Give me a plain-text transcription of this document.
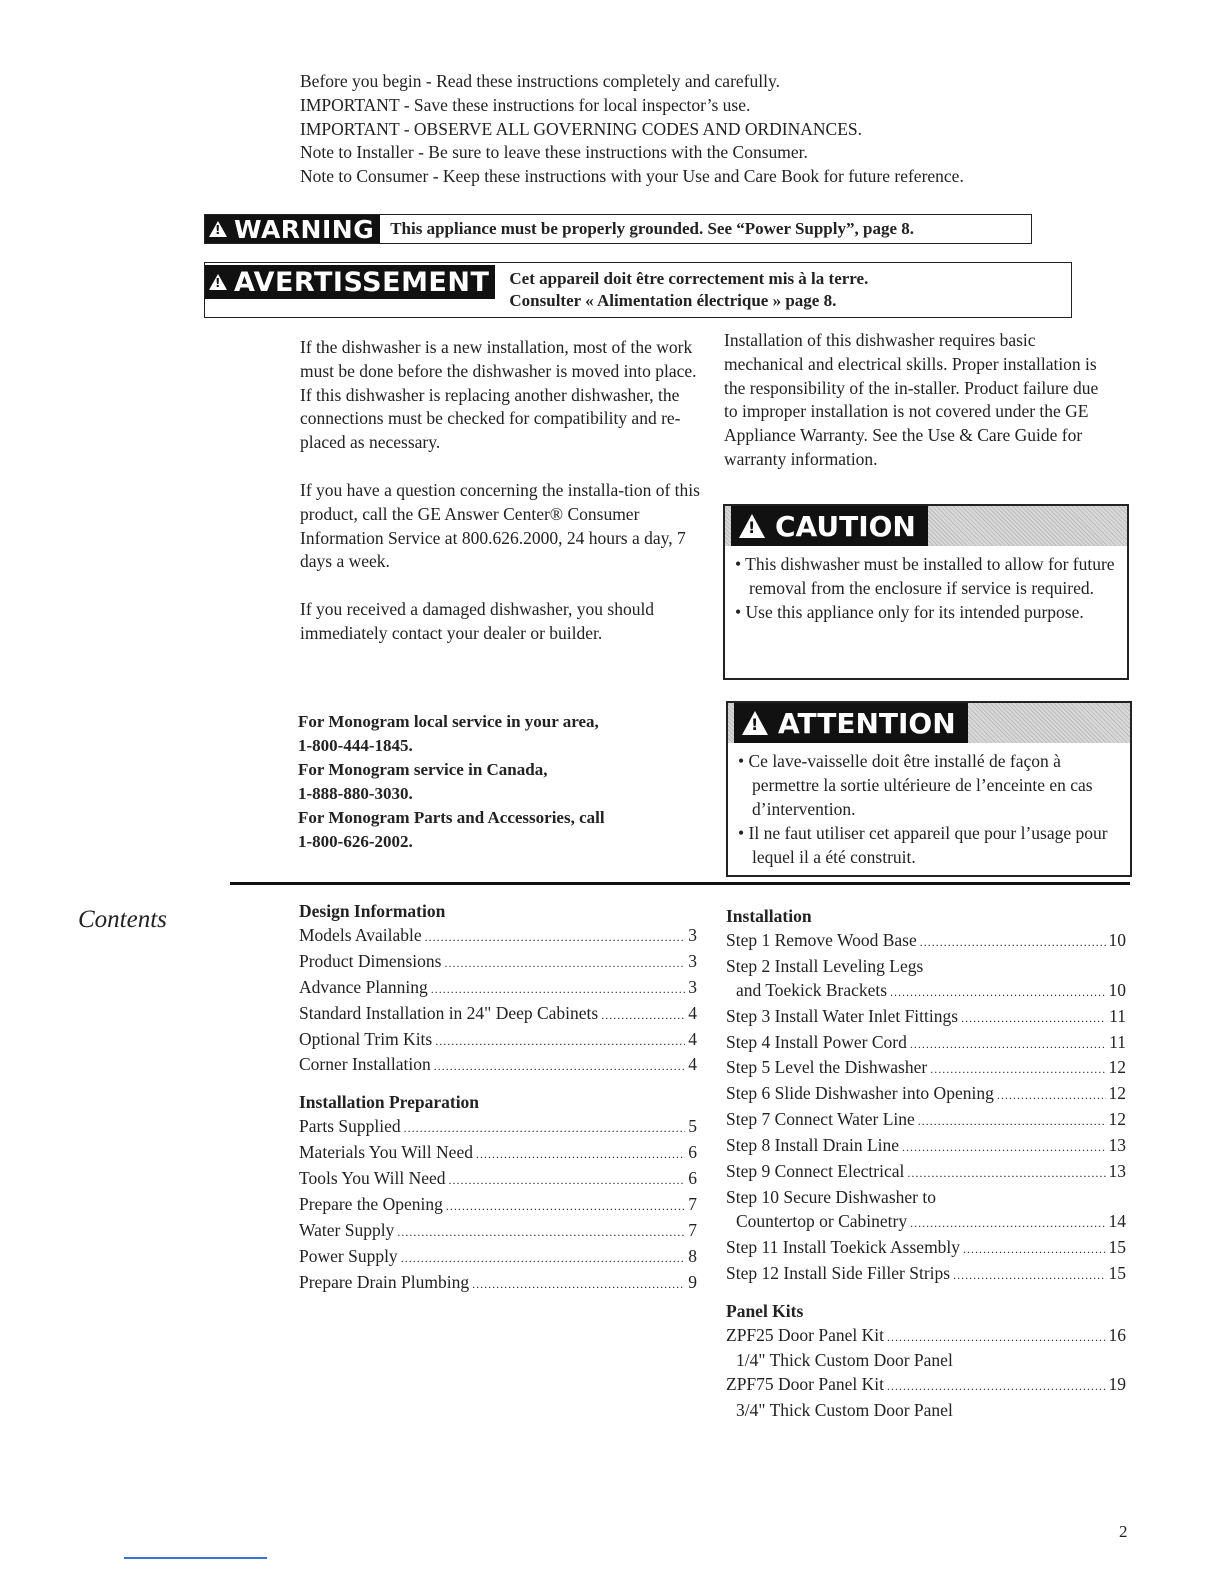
Before you begin - Read these instructions completely and carefully.

IMPORTANT - Save these instructions for local inspector’s use.

IMPORTANT - OBSERVE ALL GOVERNING CODES AND ORDINANCES.

Note to Installer - Be sure to leave these instructions with the Consumer.

Note to Consumer - Keep these instructions with your Use and Care Book for future reference.

!
WARNING This appliance must be properly grounded. See “Power Supply”, page 8.
!
AVERTISSEMENT Cet appareil doit être correctement mis à la terre.
Consulter « Alimentation électrique » page 8.

If the dishwasher is a new installation, most of the work must be done before the dishwasher is moved into place. If this dishwasher is replacing another dishwasher, the connections must be checked for compatibility and re-placed as necessary.

If you have a question concerning the installa-tion of this product, call the GE Answer Center® Consumer Information Service at 800.626.2000, 24 hours a day, 7 days a week.

If you received a damaged dishwasher, you should immediately contact your dealer or builder.

For Monogram local service in your area,
1-800-444-1845.
For Monogram service in Canada,
1-888-880-3030.
For Monogram Parts and Accessories, call
1-800-626-2002.

Installation of this dishwasher requires basic mechanical and electrical skills. Proper installation is the responsibility of the in-staller. Product failure due to improper installation is not covered under the GE Appliance Warranty. See the Use & Care Guide for warranty information.

!
CAUTION
• This dishwasher must be installed to allow for future removal from the enclosure if service is required.
• Use this appliance only for its intended purpose.
!
ATTENTION
• Ce lave-vaisselle doit être installé de façon à permettre la sortie ultérieure de l’enceinte en cas d’intervention.
• Il ne faut utiliser cet appareil que pour l’usage pour lequel il a été construit.
Contents	Design Information
Models Available .....	3
Product Dimensions .....	3
Advance Planning .....	3
Standard Installation in 24" Deep Cabinets .....	4
Optional Trim Kits .....	4
Corner Installation .....	4
Installation Preparation
Parts Supplied .....	5
Materials You Will Need .....	6
Tools You Will Need .....	6
Prepare the Opening .....	7
Water Supply .....	7
Power Supply .....	8
Prepare Drain Plumbing .....	9
Installation
Step 1 Remove Wood Base .....	10
Step 2 Install Leveling Legs
and Toekick Brackets .....	10
Step 3 Install Water Inlet Fittings .....	11
Step 4 Install Power Cord .....	11
Step 5 Level the Dishwasher .....	12
Step 6 Slide Dishwasher into Opening .....	12
Step 7 Connect Water Line .....	12
Step 8 Install Drain Line .....	13
Step 9 Connect Electrical .....	13
Step 10 Secure Dishwasher to
Countertop or Cabinetry .....	14
Step 11 Install Toekick Assembly .....	15
Step 12 Install Side Filler Strips .....	15
Panel Kits
ZPF25 Door Panel Kit .....	16
1/4" Thick Custom Door Panel
ZPF75 Door Panel Kit .....	19
3/4" Thick Custom Door Panel
2
